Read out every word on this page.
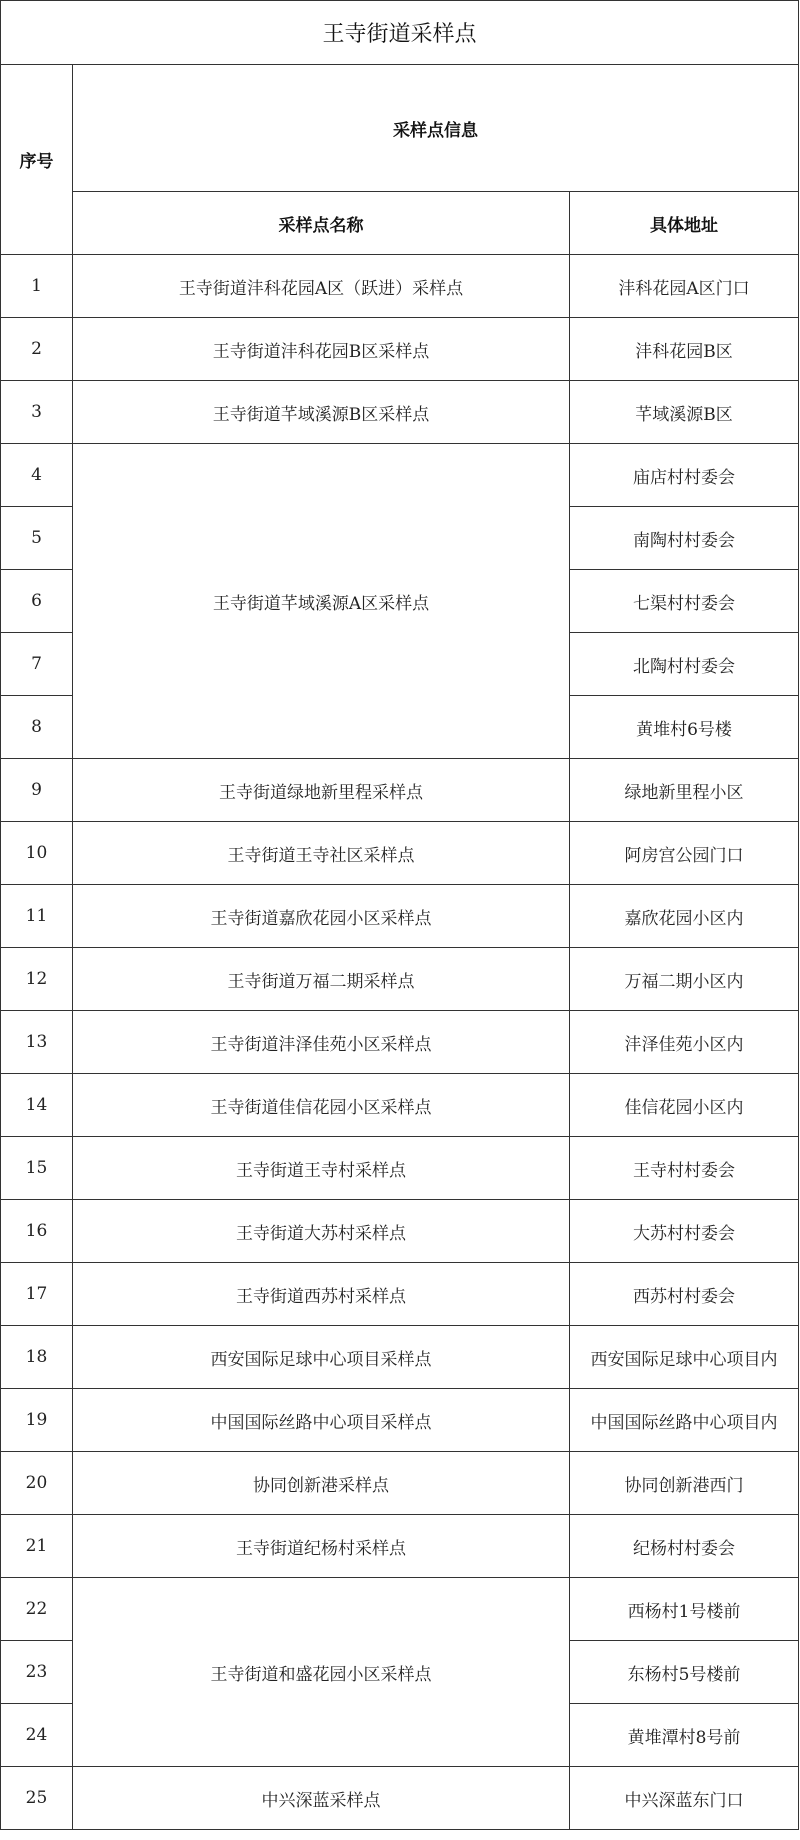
王寺街道采样点		
序号	采样点信息	
	采样点名称	具体地址
1	王寺街道沣科花园A区（跃进）采样点	沣科花园A区门口
2	王寺街道沣科花园B区采样点	沣科花园B区
3	王寺街道芊域溪源B区采样点	芊域溪源B区
4	王寺街道芊域溪源A区采样点	庙店村村委会
5		南陶村村委会
6		七渠村村委会
7		北陶村村委会
8		黄堆村6号楼
9	王寺街道绿地新里程采样点	绿地新里程小区
10	王寺街道王寺社区采样点	阿房宫公园门口
11	王寺街道嘉欣花园小区采样点	嘉欣花园小区内
12	王寺街道万福二期采样点	万福二期小区内
13	王寺街道沣泽佳苑小区采样点	沣泽佳苑小区内
14	王寺街道佳信花园小区采样点	佳信花园小区内
15	王寺街道王寺村采样点	王寺村村委会
16	王寺街道大苏村采样点	大苏村村委会
17	王寺街道西苏村采样点	西苏村村委会
18	西安国际足球中心项目采样点	西安国际足球中心项目内
19	中国国际丝路中心项目采样点	中国国际丝路中心项目内
20	协同创新港采样点	协同创新港西门
21	王寺街道纪杨村采样点	纪杨村村委会
22	王寺街道和盛花园小区采样点	西杨村1号楼前
23		东杨村5号楼前
24		黄堆潭村8号前
25	中兴深蓝采样点	中兴深蓝东门口
